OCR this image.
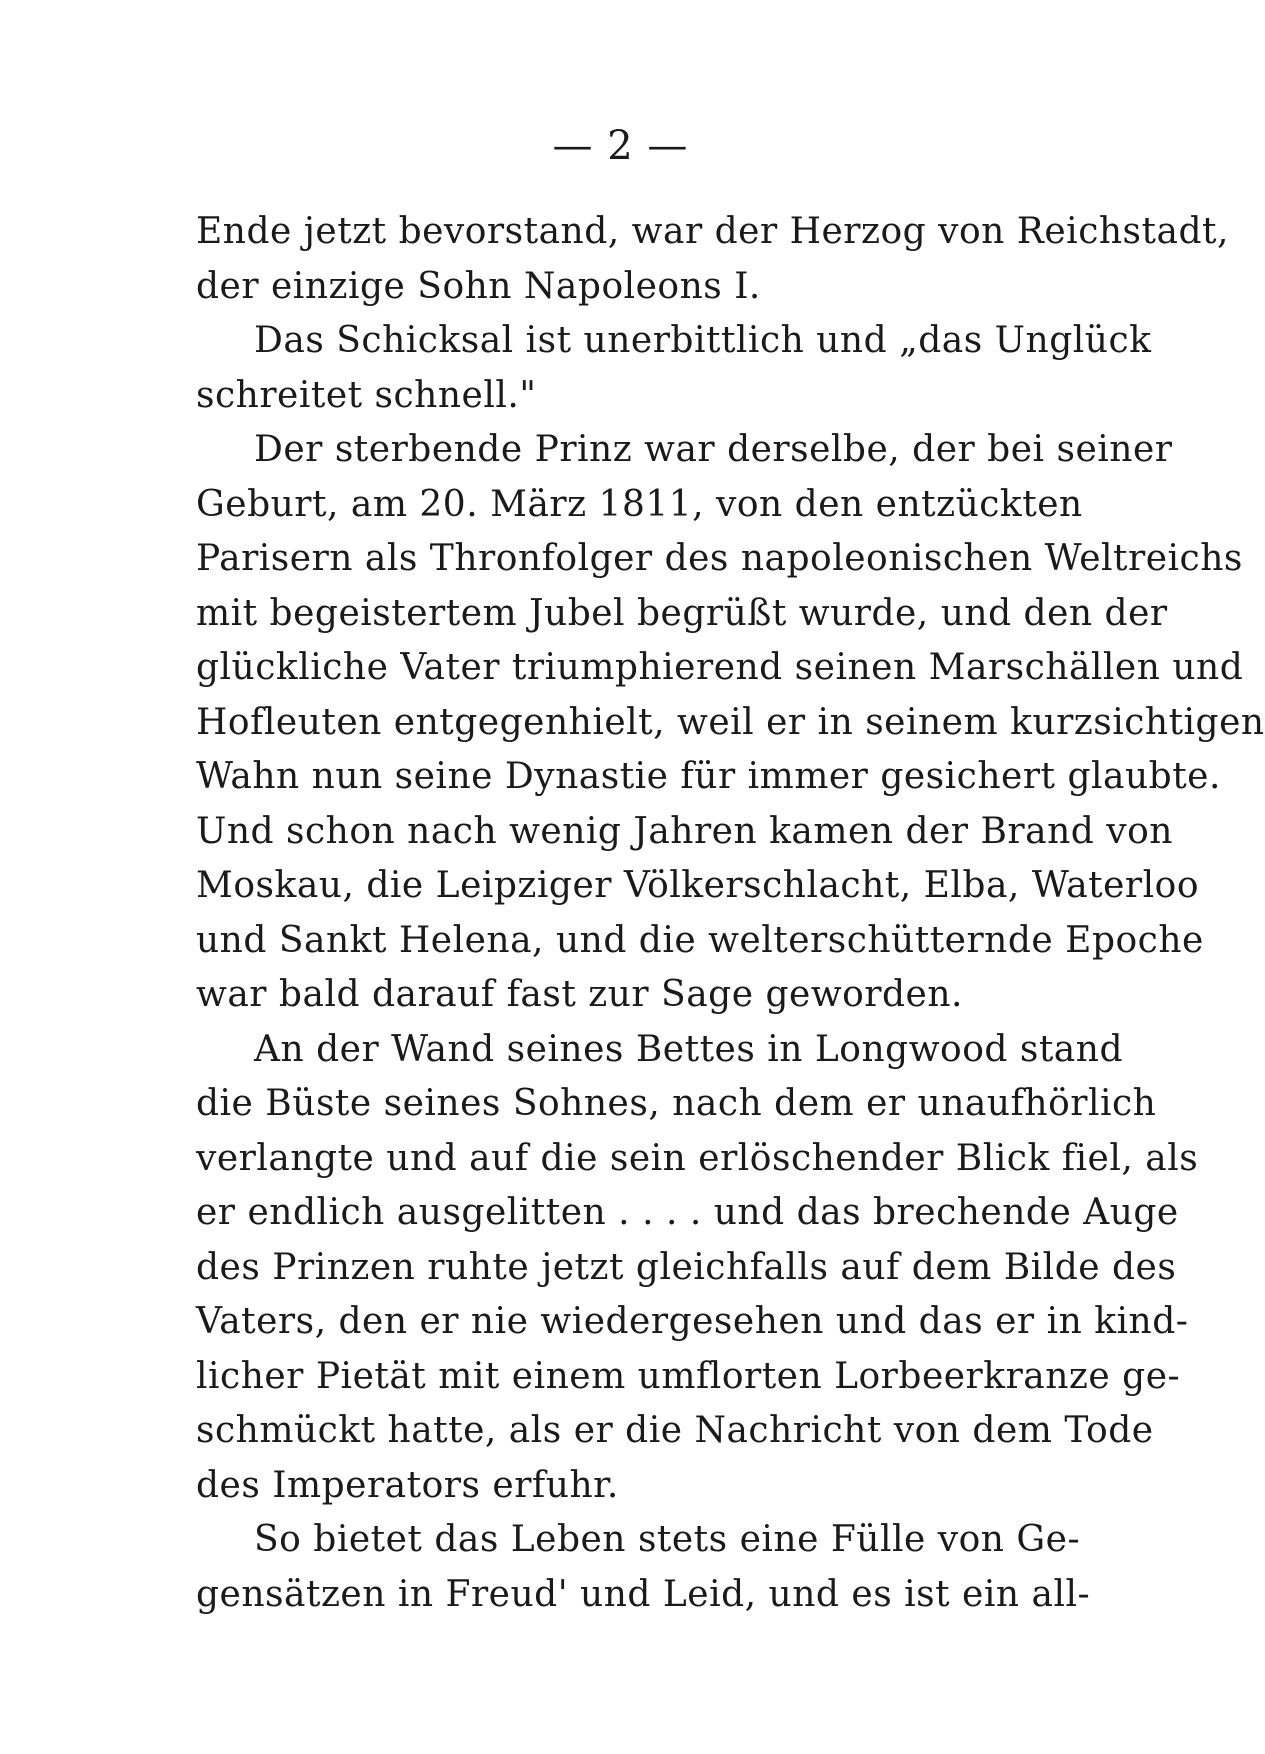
— 2 —
Ende jetzt bevorstand, war der Herzog von Reichstadt,
der einzige Sohn Napoleons I.
Das Schicksal ist unerbittlich und „das Unglück
schreitet schnell."
Der sterbende Prinz war derselbe, der bei seiner
Geburt, am 20. März 1811, von den entzückten
Parisern als Thronfolger des napoleonischen Weltreichs
mit begeistertem Jubel begrüßt wurde, und den der
glückliche Vater triumphierend seinen Marschällen und
Hofleuten entgegenhielt, weil er in seinem kurzsichtigen
Wahn nun seine Dynastie für immer gesichert glaubte.
Und schon nach wenig Jahren kamen der Brand von
Moskau, die Leipziger Völkerschlacht, Elba, Waterloo
und Sankt Helena, und die welterschütternde Epoche
war bald darauf fast zur Sage geworden.
An der Wand seines Bettes in Longwood stand
die Büste seines Sohnes, nach dem er unaufhörlich
verlangte und auf die sein erlöschender Blick fiel, als
er endlich ausgelitten . . . . und das brechende Auge
des Prinzen ruhte jetzt gleichfalls auf dem Bilde des
Vaters, den er nie wiedergesehen und das er in kind-
licher Pietät mit einem umflorten Lorbeerkranze ge-
schmückt hatte, als er die Nachricht von dem Tode
des Imperators erfuhr.
So bietet das Leben stets eine Fülle von Ge-
gensätzen in Freud' und Leid, und es ist ein all-
